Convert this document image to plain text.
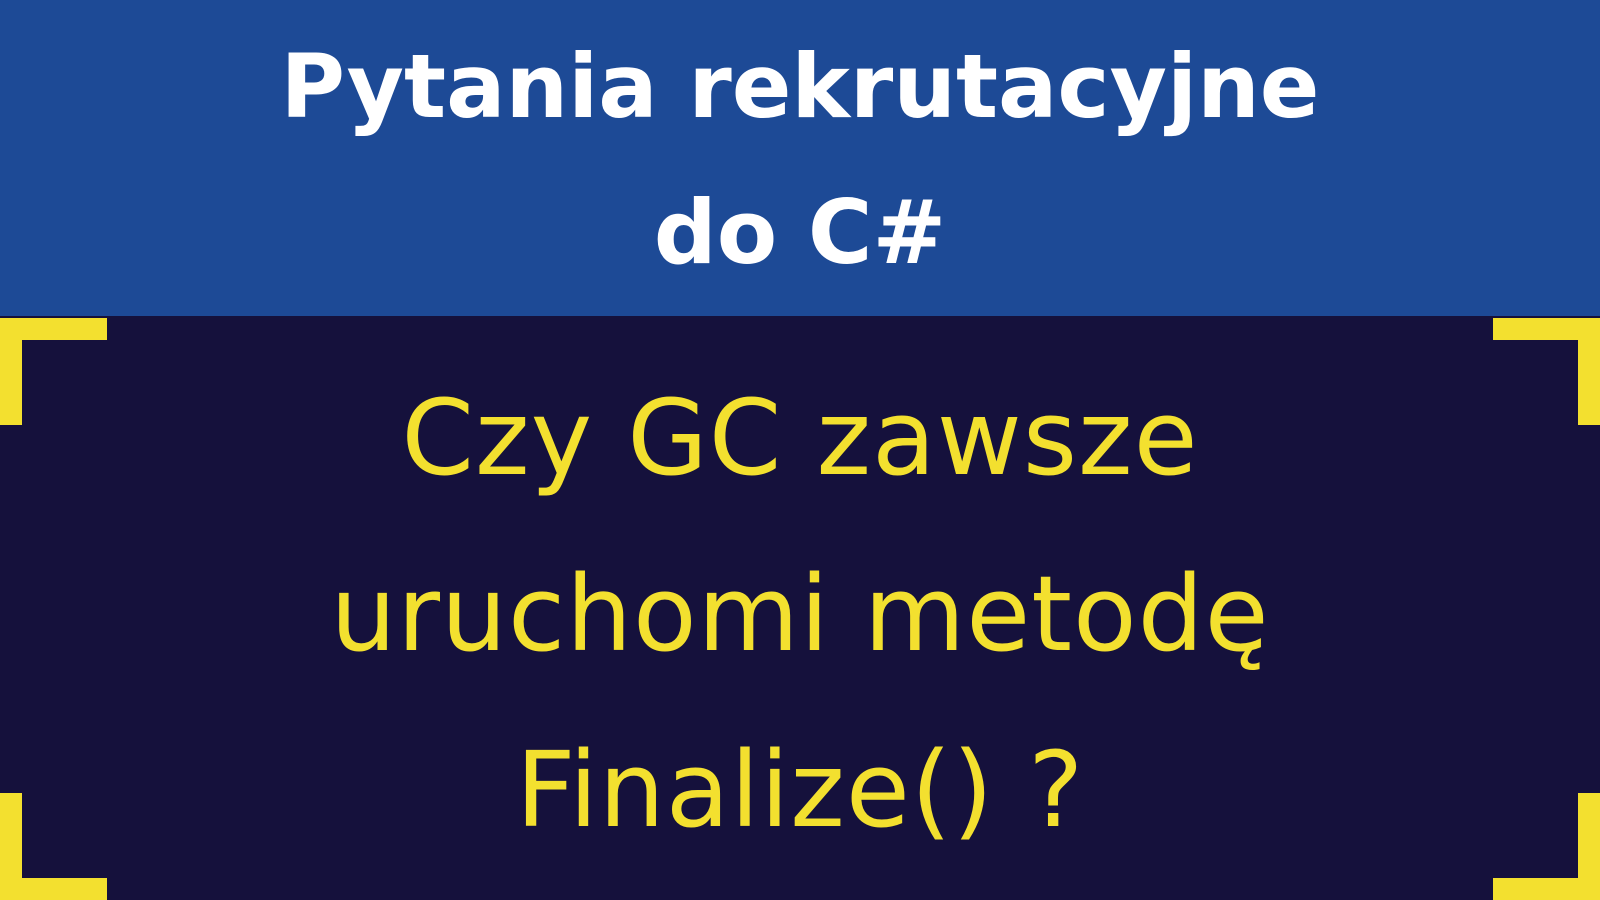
Pytania rekrutacyjne
do C#
Czy GC zawsze
uruchomi metodę
Finalize() ?
